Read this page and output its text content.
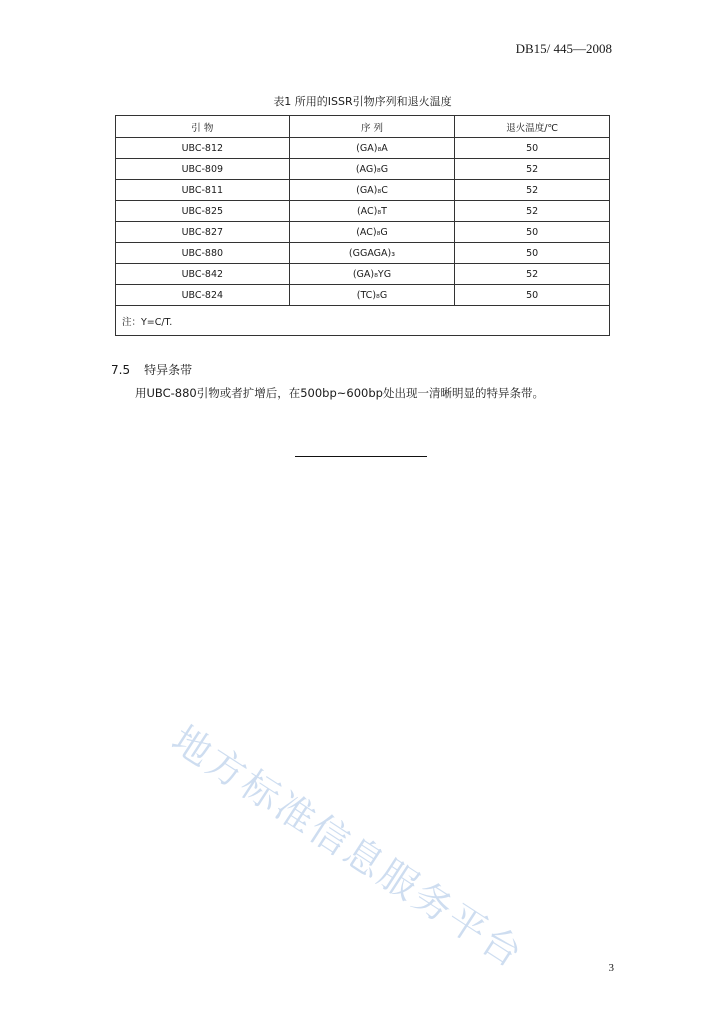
DB15/ 445—2008
表1 所用的ISSR引物序列和退火温度
引 物	序 列	退火温度/℃
UBC-812	(GA)₈A	50
UBC-809	(AG)₈G	52
UBC-811	(GA)₈C	52
UBC-825	(AC)₈T	52
UBC-827	(AC)₈G	50
UBC-880	(GGAGA)₃	50
UBC-842	(GA)₈YG	52
UBC-824	(TC)₈G	50
注：Y=C/T.		
7.5 特异条带
用UBC-880引物或者扩增后，在500bp~600bp处出现一清晰明显的特异条带。
地方标准信息服务平台	3
